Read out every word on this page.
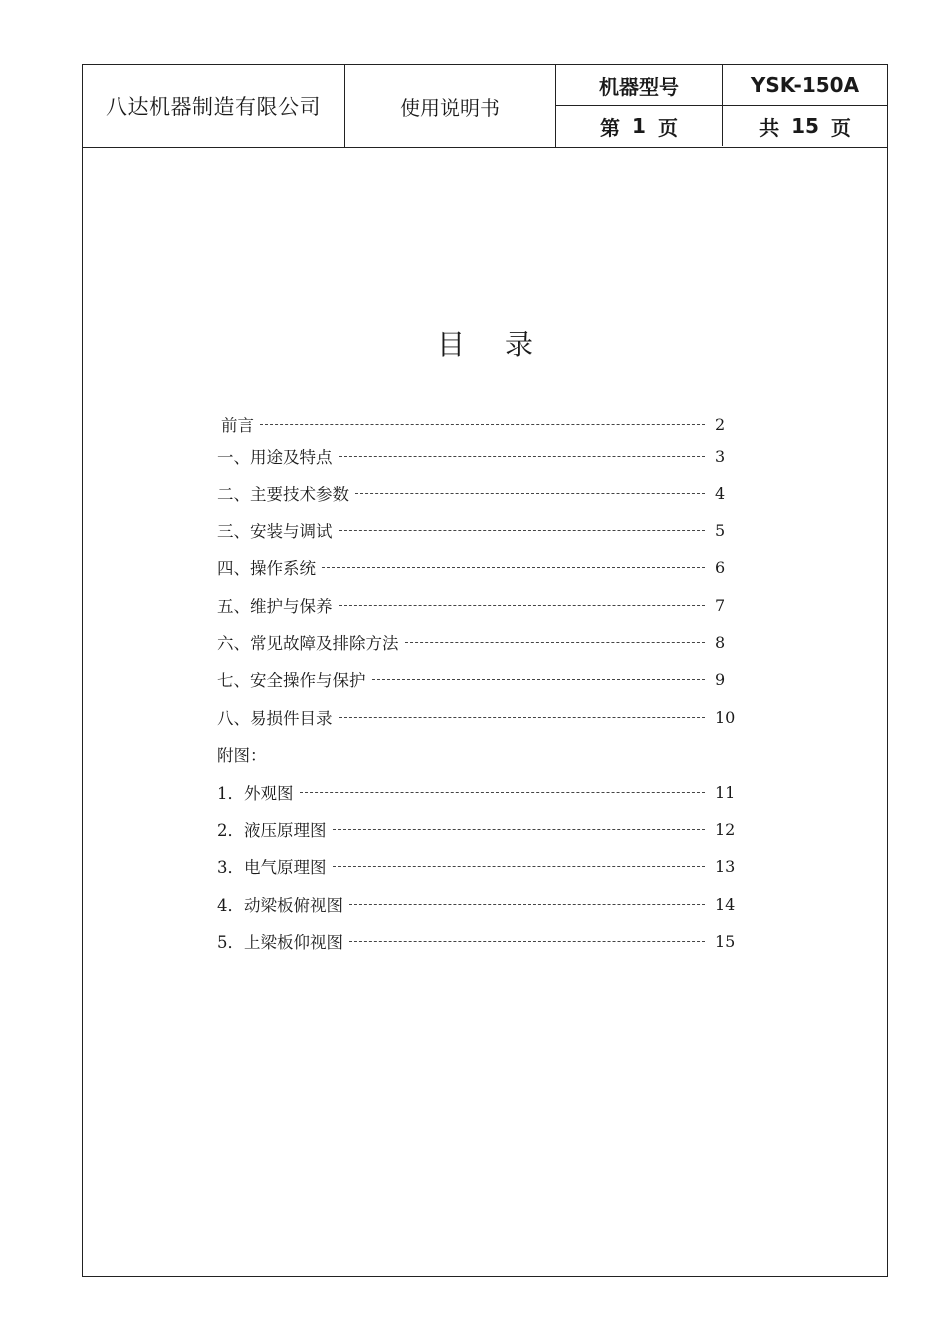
八达机器制造有限公司	使用说明书
机器型号	YSK-150A
第 1 页	共 15 页
目录
前言	2
一、用途及特点	3
二、主要技术参数	4
三、安装与调试	5
四、操作系统	6
五、维护与保养	7
六、常见故障及排除方法	8
七、安全操作与保护	9
八、易损件目录	10
附图：
1．外观图	11
2．液压原理图	12
3．电气原理图	13
4．动梁板俯视图	14
5．上梁板仰视图	15
